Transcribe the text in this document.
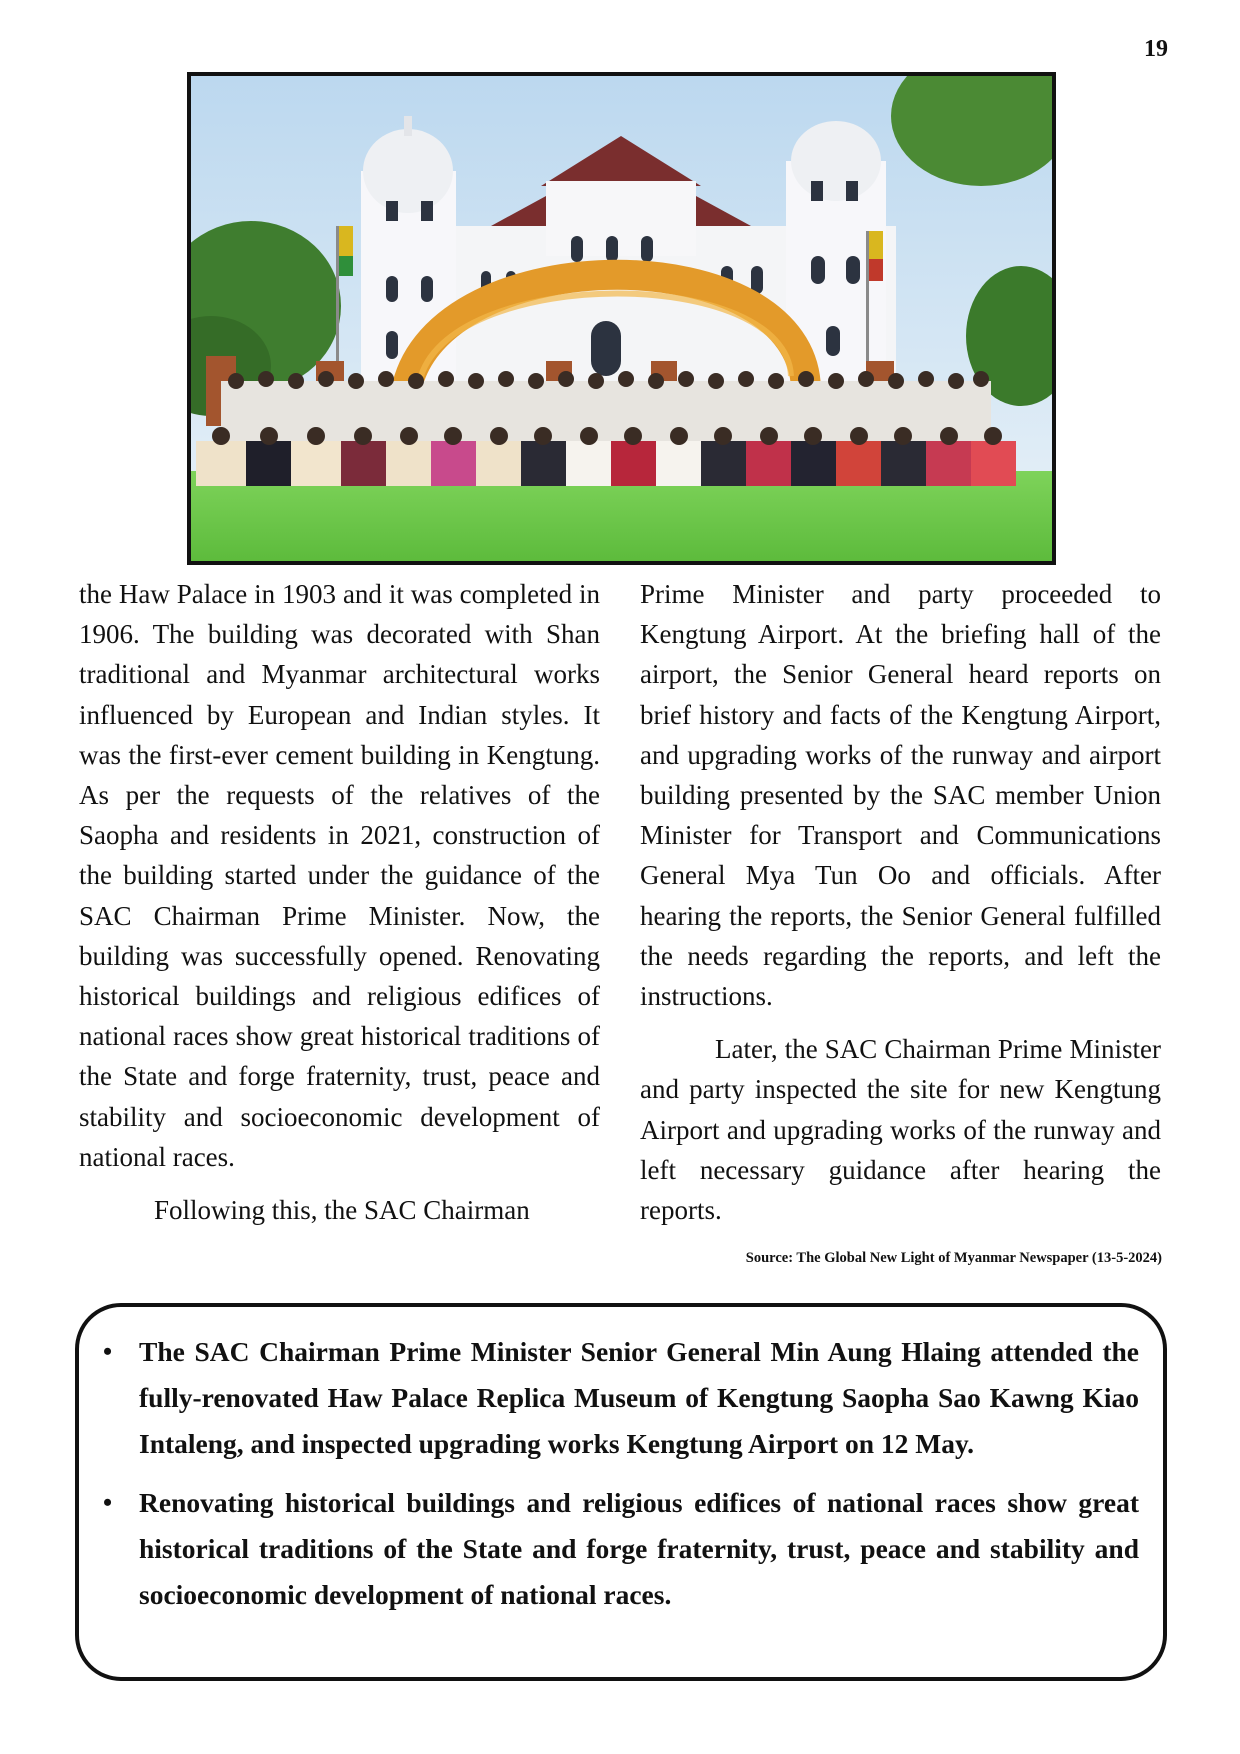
19

the Haw Palace in 1903 and it was completed in 1906. The building was decorated with Shan traditional and Myanmar architectural works influenced by European and Indian styles. It was the first-ever cement building in Kengtung. As per the requests of the relatives of the Saopha and residents in 2021, construction of the building started under the guidance of the SAC Chairman Prime Minister. Now, the building was successfully opened. Renovating historical buildings and religious edifices of national races show great historical traditions of the State and forge fraternity, trust, peace and stability and socioeconomic development of national races.

Following this, the SAC Chairman

Prime Minister and party proceeded to Kengtung Airport. At the briefing hall of the airport, the Senior General heard reports on brief history and facts of the Kengtung Airport, and upgrading works of the runway and airport building presented by the SAC member Union Minister for Transport and Communications General Mya Tun Oo and officials. After hearing the reports, the Senior General fulfilled the needs regarding the reports, and left the instructions.

Later, the SAC Chairman Prime Minister and party inspected the site for new Kengtung Airport and upgrading works of the runway and left necessary guidance after hearing the reports.

Source: The Global New Light of Myanmar Newspaper (13-5-2024)
• The SAC Chairman Prime Minister Senior General Min Aung Hlaing attended the fully-renovated Haw Palace Replica Museum of Kengtung Saopha Sao Kawng Kiao Intaleng, and inspected upgrading works Kengtung Airport on 12 May.
• Renovating historical buildings and religious edifices of national races show great historical traditions of the State and forge fraternity, trust, peace and stability and socioeconomic development of national races.
